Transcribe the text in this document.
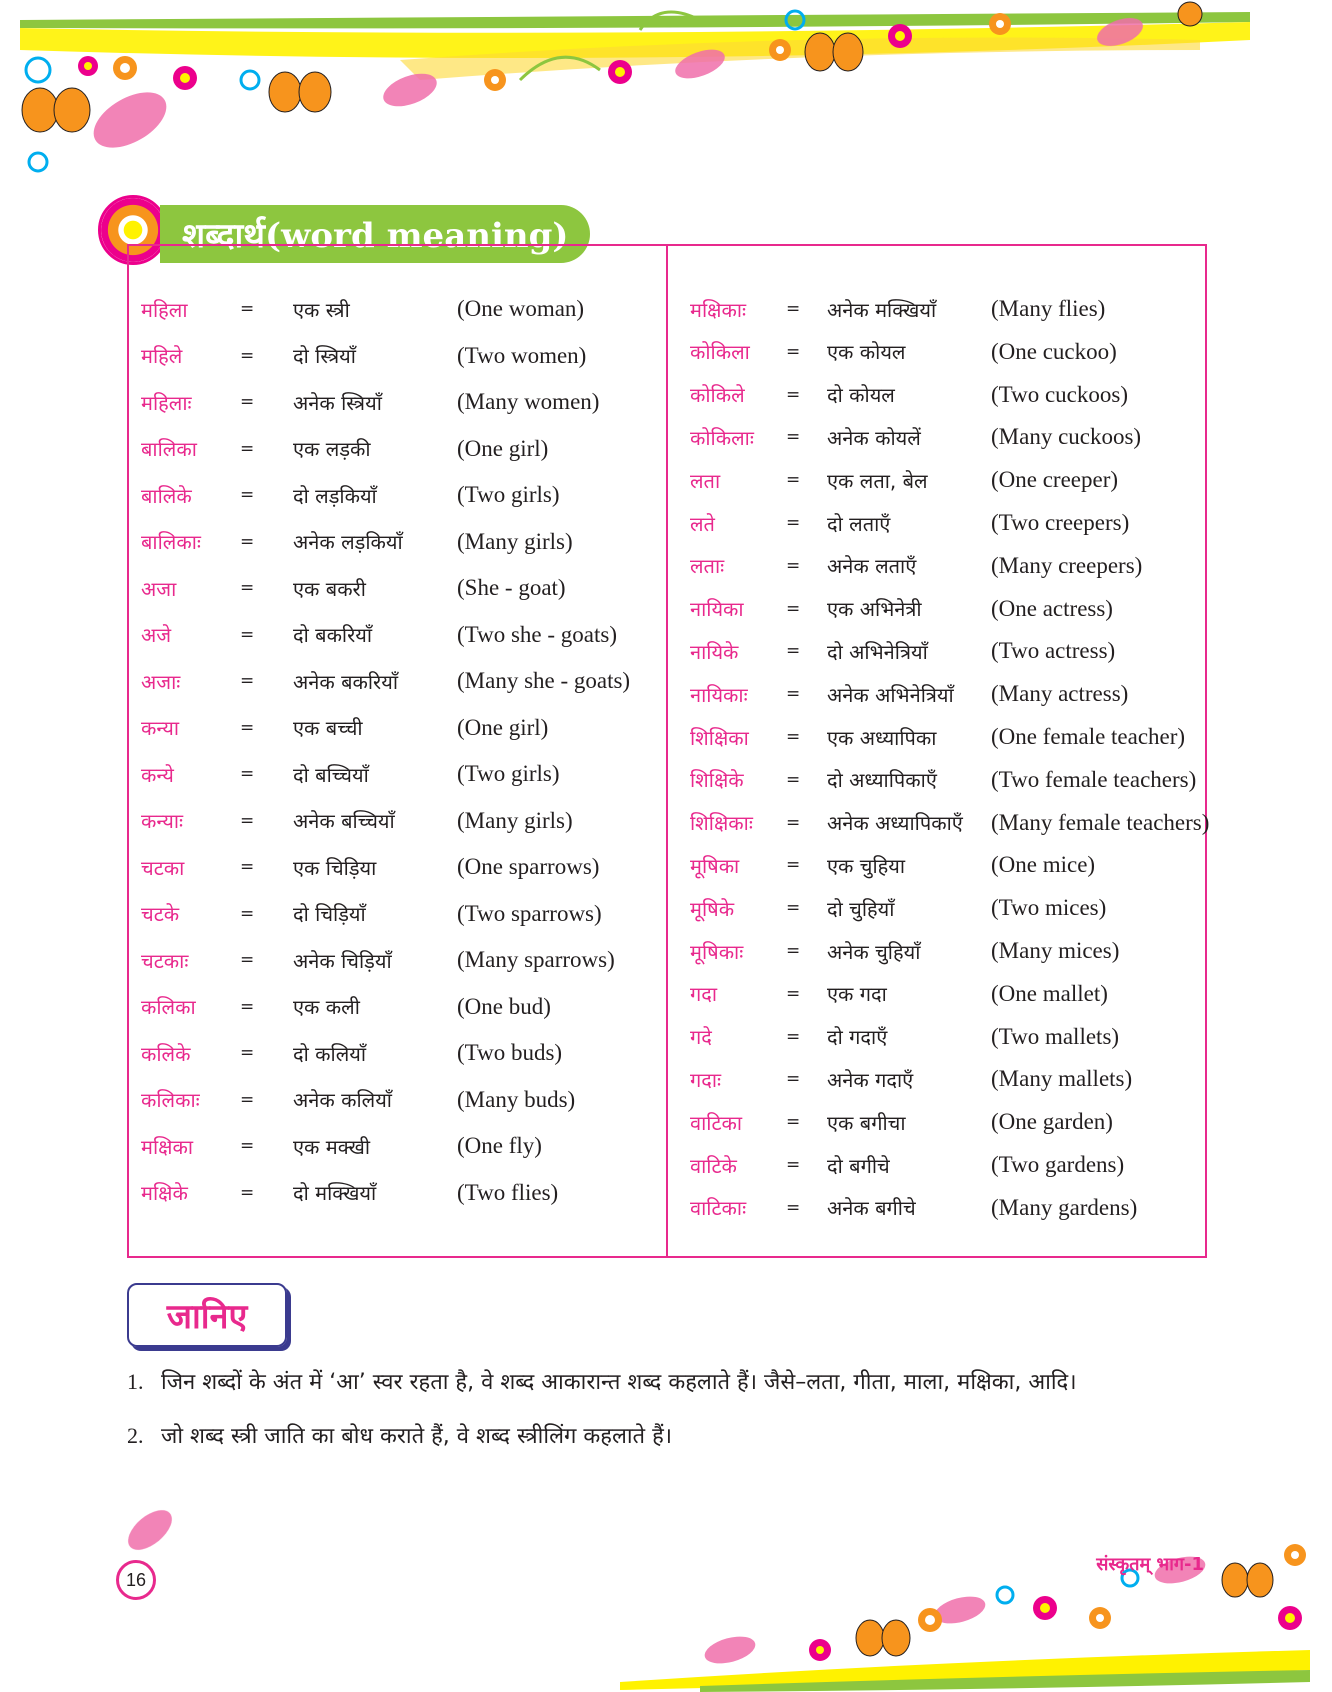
शब्दार्थ(word meaning)
महिला	= एक स्त्री	(One woman)
महिले	= दो स्त्रियाँ	(Two women)
महिलाः	= अनेक स्त्रियाँ	(Many women)
बालिका	= एक लड़की	(One girl)
बालिके	= दो लड़कियाँ	(Two girls)
बालिकाः = अनेक लड़कियाँ (Many girls)
अजा	= एक बकरी	(She - goat)
अजे	= दो बकरियाँ	(Two she - goats)
अजाः	= अनेक बकरियाँ	(Many she - goats)
कन्या	= एक बच्ची	(One girl)
कन्ये	= दो बच्चियाँ	(Two girls)
कन्याः	= अनेक बच्चियाँ	(Many girls)
चटका	= एक चिड़िया	(One sparrows)
चटके	= दो चिड़ियाँ	(Two sparrows)
चटकाः	= अनेक चिड़ियाँ	(Many sparrows)
कलिका	= एक कली	(One bud)
कलिके	= दो कलियाँ	(Two buds)
कलिकाः = अनेक कलियाँ	(Many buds)
मक्षिका	= एक मक्खी	(One fly)
मक्षिके	= दो मक्खियाँ	(Two flies)
मक्षिकाः = अनेक मक्खियाँ (Many flies)
कोकिला = एक कोयल	(One cuckoo)
कोकिले = दो कोयल	(Two cuckoos)
कोकिलाः = अनेक कोयलें	(Many cuckoos)
लता	= एक लता, बेल	(One creeper)
लते	= दो लताएँ	(Two creepers)
लताः	= अनेक लताएँ	(Many creepers)
नायिका = एक अभिनेत्री	(One actress)
नायिके	= दो अभिनेत्रियाँ	(Two actress)
नायिकाः = अनेक अभिनेत्रियाँ (Many actress)
शिक्षिका = एक अध्यापिका (One female teacher)
शिक्षिके = दो अध्यापिकाएँ (Two female teachers)
शिक्षिकाः = अनेक अध्यापिकाएँ (Many female teachers)
मूषिका	= एक चुहिया	(One mice)
मूषिके	= दो चुहियाँ	(Two mices)
मूषिकाः	= अनेक चुहियाँ	(Many mices)
गदा	= एक गदा	(One mallet)
गदे	= दो गदाएँ	(Two mallets)
गदाः	= अनेक गदाएँ	(Many mallets)
वाटिका	= एक बगीचा	(One garden)
वाटिके	= दो बगीचे	(Two gardens)
वाटिकाः = अनेक बगीचे	(Many gardens)
जानिए
1. जिन शब्दों के अंत में ‘आ’ स्वर रहता है, वे शब्द आकारान्त शब्द कहलाते हैं। जैसे–लता, गीता, माला, मक्षिका, आदि।
2. जो शब्द स्त्री जाति का बोध कराते हैं, वे शब्द स्त्रीलिंग कहलाते हैं।
16
संस्कृतम् भाग-1
